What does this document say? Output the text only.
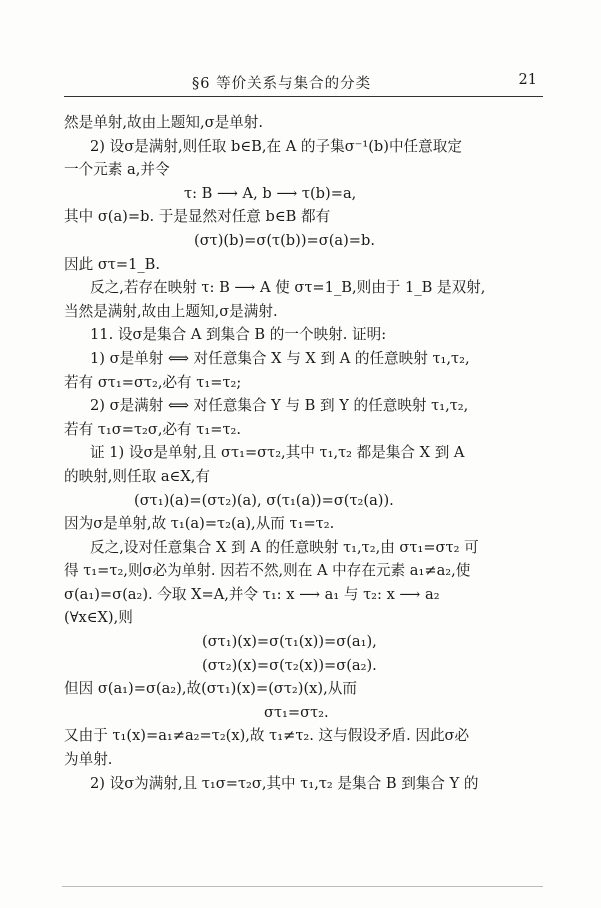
§6 等价关系与集合的分类	21
然是单射,故由上题知,σ是单射.
2) 设σ是满射,则任取 b∈B,在 A 的子集σ⁻¹(b)中任意取定
一个元素 a,并令
τ: B ⟶ A, b ⟶ τ(b)=a,
其中 σ(a)=b. 于是显然对任意 b∈B 都有
(στ)(b)=σ(τ(b))=σ(a)=b.
因此 στ=1_B.
反之,若存在映射 τ: B ⟶ A 使 στ=1_B,则由于 1_B 是双射,
当然是满射,故由上题知,σ是满射.
11. 设σ是集合 A 到集合 B 的一个映射. 证明:
1) σ是单射 ⟺ 对任意集合 X 与 X 到 A 的任意映射 τ₁,τ₂,
若有 στ₁=στ₂,必有 τ₁=τ₂;
2) σ是满射 ⟺ 对任意集合 Y 与 B 到 Y 的任意映射 τ₁,τ₂,
若有 τ₁σ=τ₂σ,必有 τ₁=τ₂.
证 1) 设σ是单射,且 στ₁=στ₂,其中 τ₁,τ₂ 都是集合 X 到 A
的映射,则任取 a∈X,有
(στ₁)(a)=(στ₂)(a), σ(τ₁(a))=σ(τ₂(a)).
因为σ是单射,故 τ₁(a)=τ₂(a),从而 τ₁=τ₂.
反之,设对任意集合 X 到 A 的任意映射 τ₁,τ₂,由 στ₁=στ₂ 可
得 τ₁=τ₂,则σ必为单射. 因若不然,则在 A 中存在元素 a₁≠a₂,使
σ(a₁)=σ(a₂). 今取 X=A,并令 τ₁: x ⟶ a₁ 与 τ₂: x ⟶ a₂
(∀x∈X),则
(στ₁)(x)=σ(τ₁(x))=σ(a₁),
(στ₂)(x)=σ(τ₂(x))=σ(a₂).
但因 σ(a₁)=σ(a₂),故(στ₁)(x)=(στ₂)(x),从而
στ₁=στ₂.
又由于 τ₁(x)=a₁≠a₂=τ₂(x),故 τ₁≠τ₂. 这与假设矛盾. 因此σ必
为单射.
2) 设σ为满射,且 τ₁σ=τ₂σ,其中 τ₁,τ₂ 是集合 B 到集合 Y 的
